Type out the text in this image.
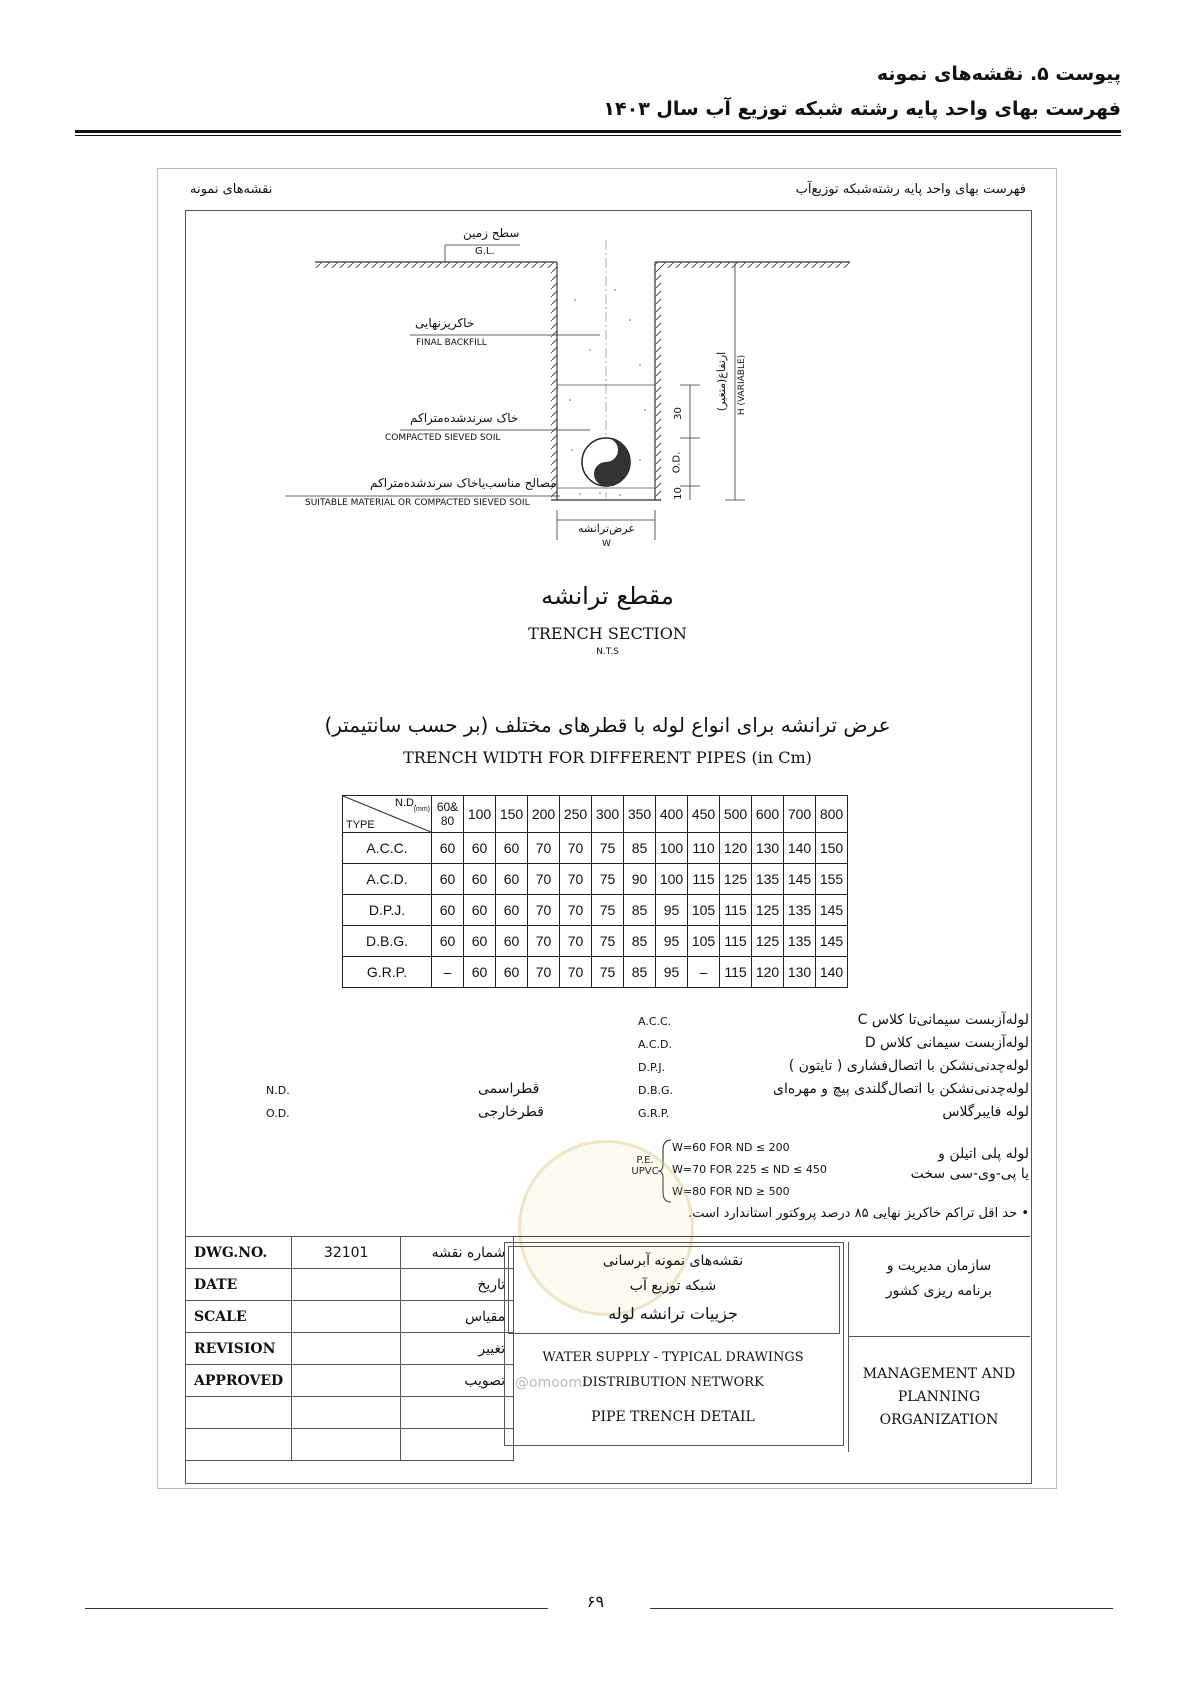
پیوست ۵. نقشه‌های نمونه
فهرست بهای واحد پایه رشته شبکه توزیع آب سال ۱۴۰۳
نقشه‌های نمونه	فهرست بهای واحد پایه رشته‌شبکه توزیع‌آب
سطح زمین
G.L.
خاکریزنهایی
FINAL BACKFILL
خاک سرندشده‌متراکم
COMPACTED SIEVED SOIL
مصالح مناسب‌یاخاک سرندشده‌متراکم
SUITABLE MATERIAL OR COMPACTED SIEVED SOIL
30
O.D.
10
ارتفاع(متغیر) H (VARIABLE)
عرض‌ترانشه
W
مقطع ترانشه
TRENCH SECTION
N.T.S
عرض ترانشه برای انواع لوله با قطرهای مختلف (بر حسب سانتیمتر)
TRENCH WIDTH FOR DIFFERENT PIPES (in Cm)
N.D.
(mm)
TYPE	60& 80	100	150	200	250	300	350	400	450	500	600	700	800
A.C.C.	60	60	60	70	70	75	85	100	110	120	130	140	150
A.C.D.	60	60	60	70	70	75	90	100	115	125	135	145	155
D.P.J.	60	60	60	70	70	75	85	95	105	115	125	135	145
D.B.G.	60	60	60	70	70	75	85	95	105	115	125	135	145
G.R.P.	–	60	60	70	70	75	85	95	–	115	120	130	140
A.C.C.	لوله‌آزبست سیمانی‌تا کلاس C
A.C.D.	لوله‌آزبست سیمانی کلاس D
D.P.J.	لوله‌چدنی‌نشکن با اتصال‌فشاری ( تایتون )
D.B.G.	لوله‌چدنی‌نشکن با اتصال‌گلندی پیچ و مهره‌ای
G.R.P.	لوله فایبرگلاس
N.D.	قطراسمی
O.D.	قطرخارجی
P.E. UPVC
W=60 FOR ND ≤ 200
W=70 FOR 225 ≤ ND ≤ 450
W=80 FOR ND ≥ 500
لوله پلی اتیلن و
یا پی-وی-سی سخت
• حد اقل تراکم خاکریز نهایی ۸۵ درصد پروکتور استاندارد است.
@omoomi
DWG.NO.	32101	شماره نقشه
DATE		تاریخ
SCALE		مقیاس
REVISION		تغییر
APPROVED		تصویب

نقشه‌های نمونه آبرسانی
شبکه توزیع آب
جزییات ترانشه لوله
WATER SUPPLY - TYPICAL DRAWINGS
DISTRIBUTION NETWORK
PIPE TRENCH DETAIL
سازمان مدیریت و
برنامه ریزی کشور
MANAGEMENT AND
PLANNING
ORGANIZATION
۶۹
